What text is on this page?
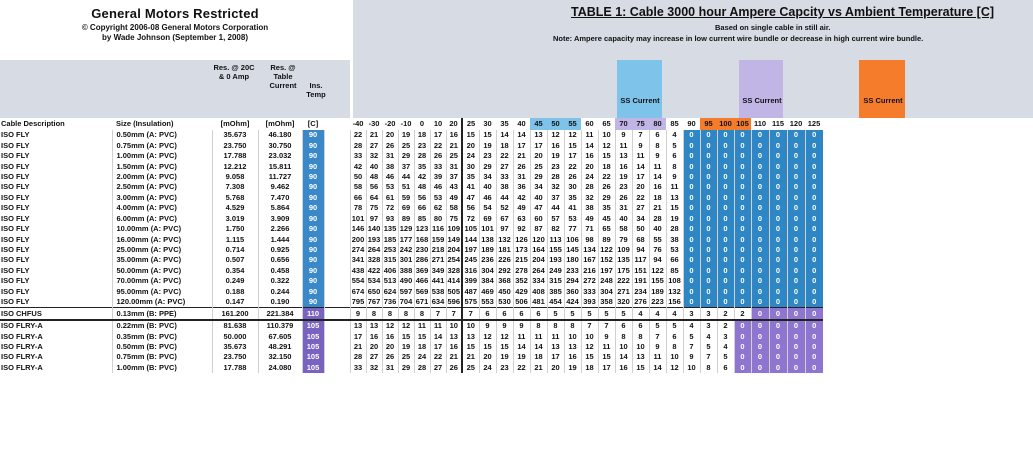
General Motors Restricted
© Copyright 2006-08 General Motors Corporation
by Wade Johnson (September 1, 2008)
TABLE 1: Cable 3000 hour Ampere Capcity vs Ambient Temperature [C]
Based on single cable in still air.
Note: Ampere capacity may increase in low current wire bundle or decrease in high current wire bundle.
Res. @ 20C & 0 Amp
Res. @ Table Current	Ins. Temp
SS Current	SS Current	SS Current
Cable Description	Size (Insulation)	[mOhm]	[mOhm]	[C]		-40	-30	-20	-10	0	10	20	25	30	35	40	45	50	55	60	65	70	75	80	85	90	95	100	105	110	115	120	125
ISO FLY	0.50mm (A: PVC)	35.673	46.180	90		22	21	20	19	18	17	16	15	15	14	14	13	12	12	11	10	9	7	6	4	0	0	0	0	0	0	0	0
ISO FLY	0.75mm (A: PVC)	23.750	30.750	90		28	27	26	25	23	22	21	20	19	18	17	17	16	15	14	12	11	9	8	5	0	0	0	0	0	0	0	0
ISO FLY	1.00mm (A: PVC)	17.788	23.032	90		33	32	31	29	28	26	25	24	23	22	21	20	19	17	16	15	13	11	9	6	0	0	0	0	0	0	0	0
ISO FLY	1.50mm (A: PVC)	12.212	15.811	90		42	40	38	37	35	33	31	30	29	27	26	25	23	22	20	18	16	14	11	8	0	0	0	0	0	0	0	0
ISO FLY	2.00mm (A: PVC)	9.058	11.727	90		50	48	46	44	42	39	37	35	34	33	31	29	28	26	24	22	19	17	14	9	0	0	0	0	0	0	0	0
ISO FLY	2.50mm (A: PVC)	7.308	9.462	90		58	56	53	51	48	46	43	41	40	38	36	34	32	30	28	26	23	20	16	11	0	0	0	0	0	0	0	0
ISO FLY	3.00mm (A: PVC)	5.768	7.470	90		66	64	61	59	56	53	49	47	46	44	42	40	37	35	32	29	26	22	18	13	0	0	0	0	0	0	0	0
ISO FLY	4.00mm (A: PVC)	4.529	5.864	90		78	75	72	69	66	62	58	56	54	52	49	47	44	41	38	35	31	27	21	15	0	0	0	0	0	0	0	0
ISO FLY	6.00mm (A: PVC)	3.019	3.909	90		101	97	93	89	85	80	75	72	69	67	63	60	57	53	49	45	40	34	28	19	0	0	0	0	0	0	0	0
ISO FLY	10.00mm (A: PVC)	1.750	2.266	90		146	140	135	129	123	116	109	105	101	97	92	87	82	77	71	65	58	50	40	28	0	0	0	0	0	0	0	0
ISO FLY	16.00mm (A: PVC)	1.115	1.444	90		200	193	185	177	168	159	149	144	138	132	126	120	113	106	98	89	79	68	55	38	0	0	0	0	0	0	0	0
ISO FLY	25.00mm (A: PVC)	0.714	0.925	90		274	264	253	242	230	218	204	197	189	181	173	164	155	145	134	122	109	94	76	53	0	0	0	0	0	0	0	0
ISO FLY	35.00mm (A: PVC)	0.507	0.656	90		341	328	315	301	286	271	254	245	236	226	215	204	193	180	167	152	135	117	94	66	0	0	0	0	0	0	0	0
ISO FLY	50.00mm (A: PVC)	0.354	0.458	90		438	422	406	388	369	349	328	316	304	292	278	264	249	233	216	197	175	151	122	85	0	0	0	0	0	0	0	0
ISO FLY	70.00mm (A: PVC)	0.249	0.322	90		554	534	513	490	466	441	414	399	384	368	352	334	315	294	272	248	222	191	155	108	0	0	0	0	0	0	0	0
ISO FLY	95.00mm (A: PVC)	0.188	0.244	90		674	650	624	597	569	538	505	487	469	450	429	408	385	360	333	304	271	234	189	132	0	0	0	0	0	0	0	0
ISO FLY	120.00mm (A: PVC)	0.147	0.190	90		795	767	736	704	671	634	596	575	553	530	506	481	454	424	393	358	320	276	223	156	0	0	0	0	0	0	0	0
ISO CHFUS	0.13mm (B: PPE)	161.200	221.384	110		9	8	8	8	8	7	7	7	6	6	6	6	5	5	5	5	5	4	4	4	3	3	2	2	0	0	0	0
ISO FLRY-A	0.22mm (B: PVC)	81.638	110.379	105		13	13	12	12	11	11	10	10	9	9	9	8	8	8	7	7	6	6	5	5	4	3	2	0	0	0	0	0
ISO FLRY-A	0.35mm (B: PVC)	50.000	67.605	105		17	16	16	15	15	14	13	13	12	12	11	11	11	10	10	9	8	8	7	6	5	4	3	0	0	0	0	0
ISO FLRY-A	0.50mm (B: PVC)	35.673	48.291	105		21	20	20	19	18	17	16	15	15	15	14	14	13	13	12	11	10	10	9	8	7	5	4	0	0	0	0	0
ISO FLRY-A	0.75mm (B: PVC)	23.750	32.150	105		28	27	26	25	24	22	21	21	20	19	19	18	17	16	15	15	14	13	11	10	9	7	5	0	0	0	0	0
ISO FLRY-A	1.00mm (B: PVC)	17.788	24.080	105		33	32	31	29	28	27	26	25	24	23	22	21	20	19	18	17	16	15	14	12	10	8	6	0	0	0	0	0
